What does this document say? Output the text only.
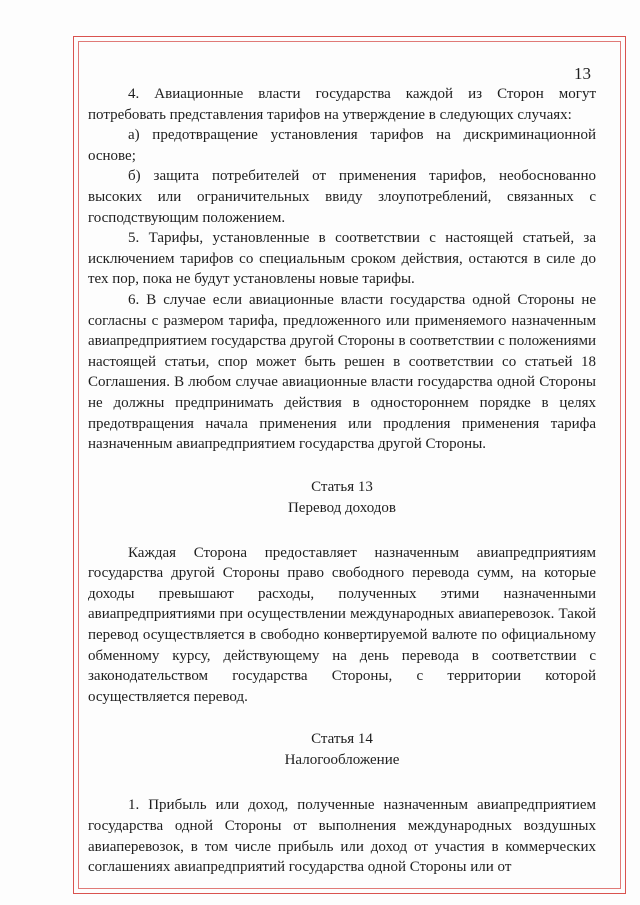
13

4. Авиационные власти государства каждой из Сторон могут потребовать представления тарифов на утверждение в следующих случаях:

а) предотвращение установления тарифов на дискриминационной основе;

б) защита потребителей от применения тарифов, необоснованно высоких или ограничительных ввиду злоупотреблений, связанных с господствующим положением.

5. Тарифы, установленные в соответствии с настоящей статьей, за исключением тарифов со специальным сроком действия, остаются в силе до тех пор, пока не будут установлены новые тарифы.

6. В случае если авиационные власти государства одной Стороны не согласны с размером тарифа, предложенного или применяемого назначенным авиапредприятием государства другой Стороны в соответствии с положениями настоящей статьи, спор может быть решен в соответствии со статьей 18 Соглашения. В любом случае авиационные власти государства одной Стороны не должны предпринимать действия в одностороннем порядке в целях предотвращения начала применения или продления применения тарифа назначенным авиапредприятием государства другой Стороны.

Статья 13
Перевод доходов

Каждая Сторона предоставляет назначенным авиапредприятиям государства другой Стороны право свободного перевода сумм, на которые доходы превышают расходы, полученных этими назначенными авиапредприятиями при осуществлении международных авиаперевозок. Такой перевод осуществляется в свободно конвертируемой валюте по официальному обменному курсу, действующему на день перевода в соответствии с законодательством государства Стороны, с территории которой осуществляется перевод.

Статья 14
Налогообложение

1. Прибыль или доход, полученные назначенным авиапредприятием государства одной Стороны от выполнения международных воздушных авиаперевозок, в том числе прибыль или доход от участия в коммерческих соглашениях авиапредприятий государства одной Стороны или от
